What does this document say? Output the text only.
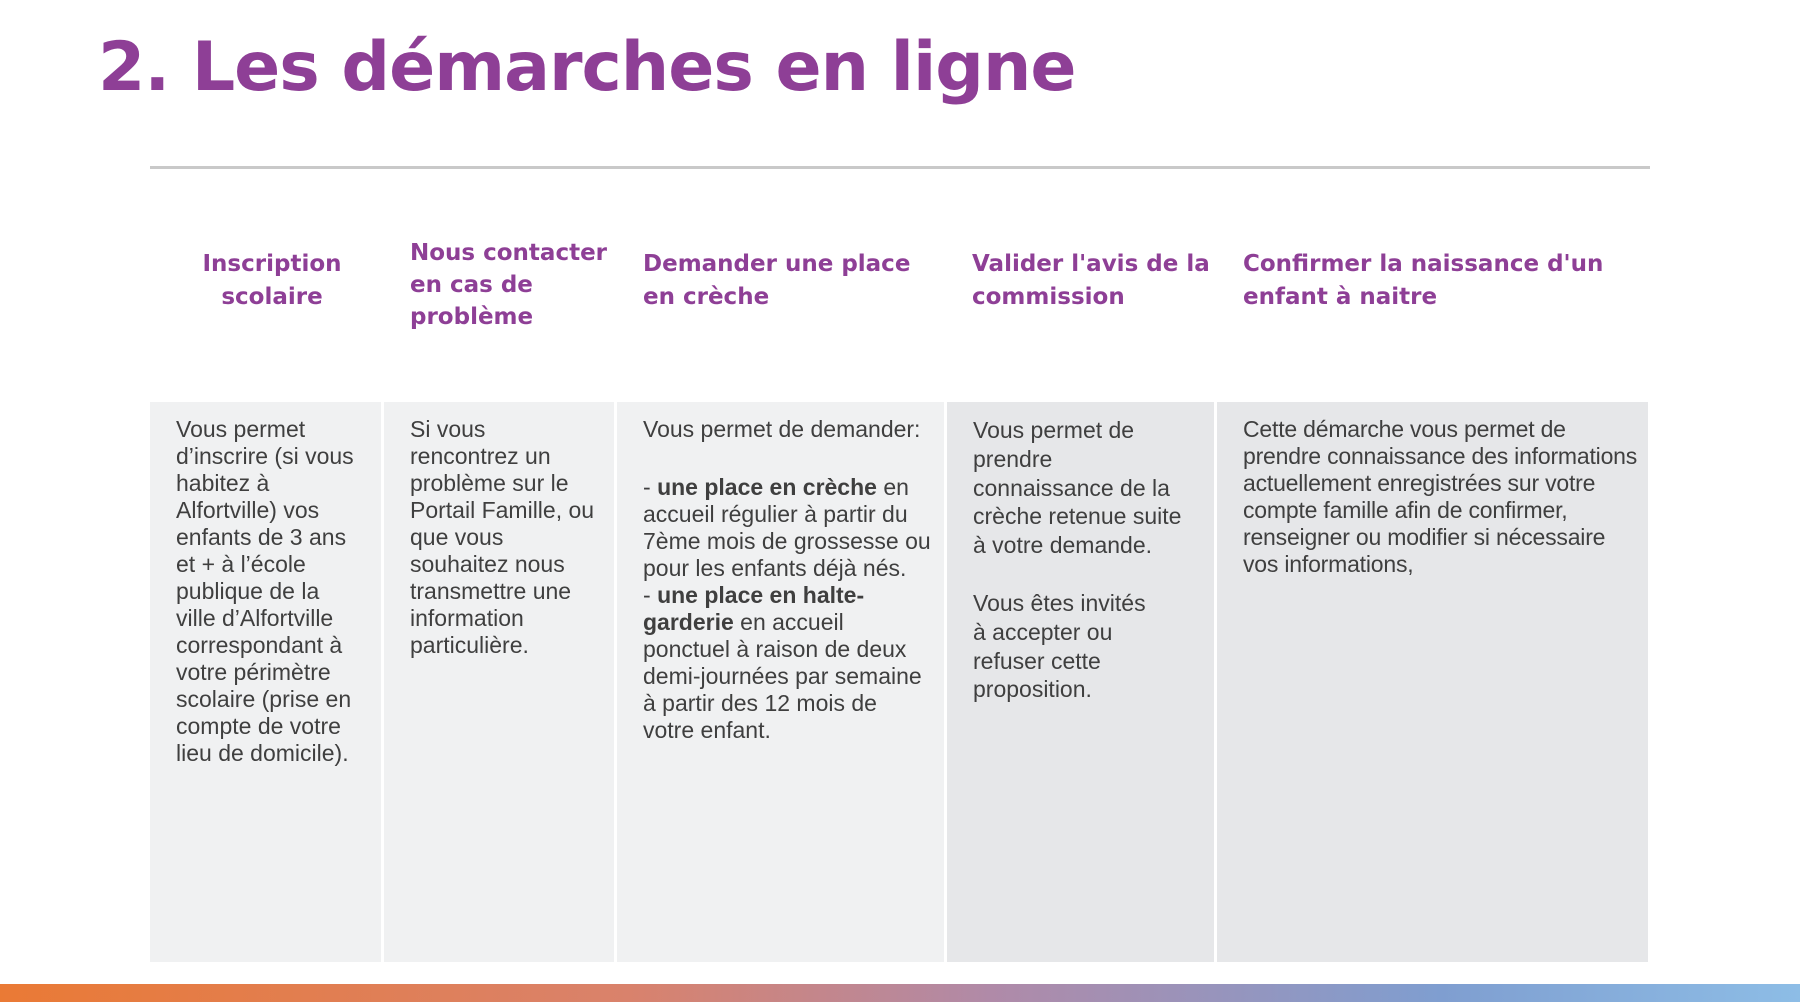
2. Les démarches en ligne
Inscription scolaire
Nous contacter en cas de problème
Demander une place en crèche
Valider l'avis de la commission
Confirmer la naissance d'un enfant à naitre

Vous permet d’inscrire (si vous habitez à Alfortville) vos enfants de 3 ans et + à l’école publique de la ville d’Alfortville correspondant à votre périmètre scolaire (prise en compte de votre lieu de domicile).

Si vous rencontrez un problème sur le Portail Famille, ou que vous souhaitez nous transmettre une information particulière.

Vous permet de demander:

- une place en crèche en accueil régulier à partir du 7ème mois de grossesse ou pour les enfants déjà nés.

- une place en halte-garderie en accueil ponctuel à raison de deux demi-journées par semaine à partir des 12 mois de votre enfant.

Vous permet de prendre connaissance de la crèche retenue suite à votre demande.

Vous êtes invités à accepter ou refuser cette proposition.

Cette démarche vous permet de prendre connaissance des informations actuellement enregistrées sur votre compte famille afin de confirmer, renseigner ou modifier si nécessaire vos informations,
